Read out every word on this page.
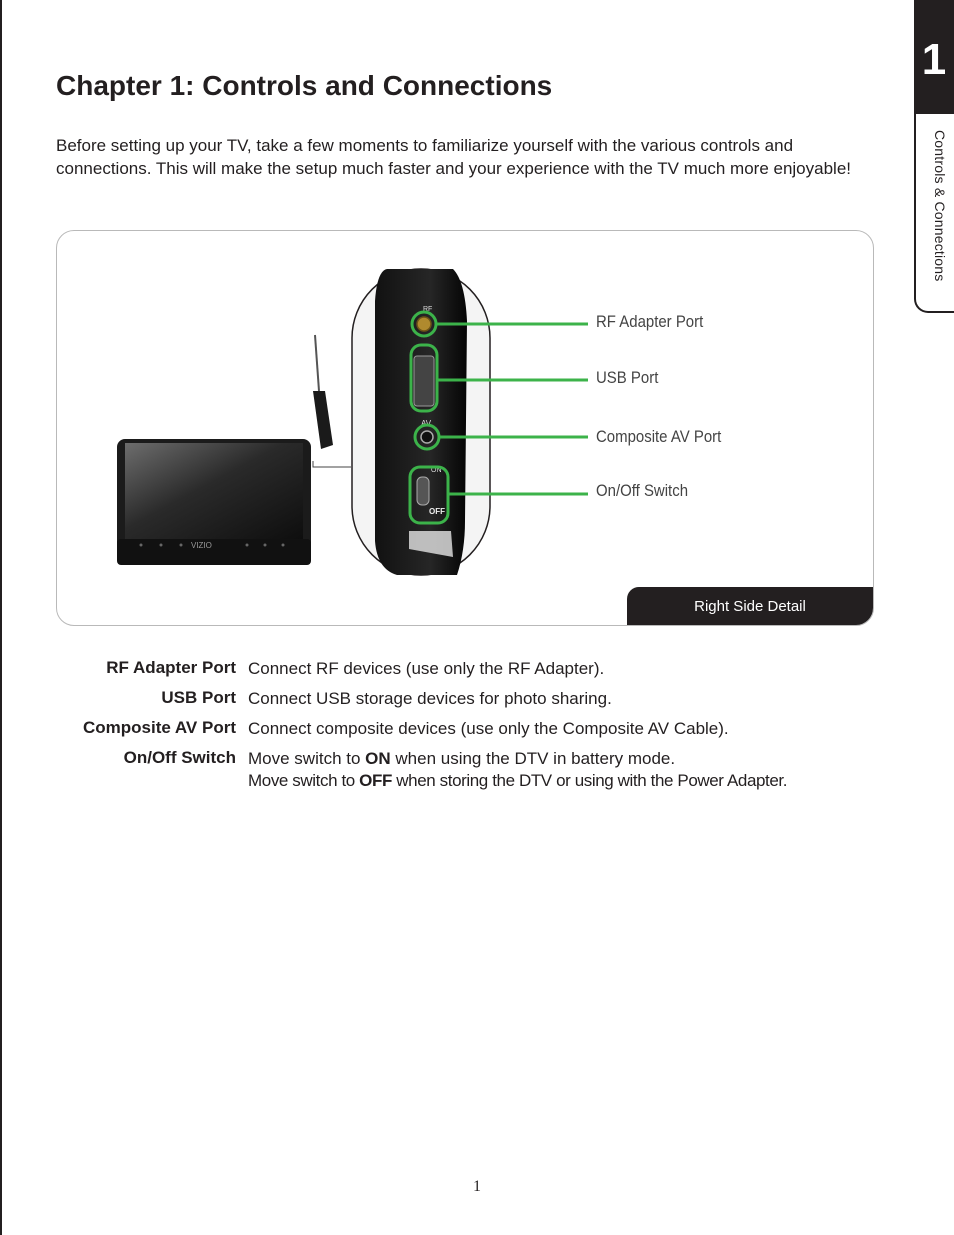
1
Controls & Connections
Chapter 1: Controls and Connections

Before setting up your TV, take a few moments to familiarize yourself with the various controls and connections. This will make the setup much faster and your experience with the TV much more enjoyable!

VIZIO
RF
AV
ON
OFF
RF Adapter Port
USB Port
Composite AV Port
On/Off Switch
Right Side Detail
RF Adapter Port Connect RF devices (use only the RF Adapter).
USB Port Connect USB storage devices for photo sharing.
Composite AV Port Connect composite devices (use only the Composite AV Cable).
On/Off Switch Move switch to ON when using the DTV in battery mode.
Move switch to OFF when storing the DTV or using with the Power Adapter.
1
